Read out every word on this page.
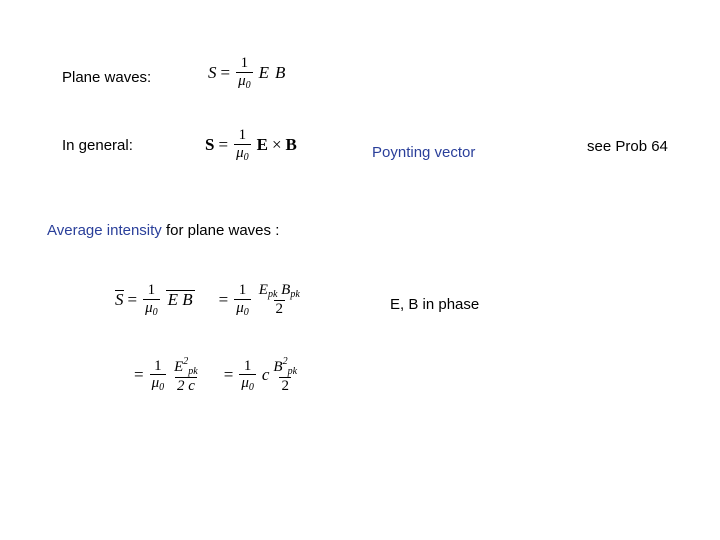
Plane waves:	$S = \frac{1}{\mu_0}$ E B
In general:	$S = \frac{1}{\mu_0}$ E × B	Poynting vector	see Prob 64
Average intensity for plane waves :
$S = \frac{1}{\mu_0}$ E $B = \frac{1}{\mu_0} \frac{E_{pk} B_{pk}}{2}$	E, B in phase
= $\frac{1}{\mu_0} \frac{E^2_{pk}}{2 c} = \frac{1}{\mu_0}$ c $\frac{B^2_{pk}}{2}$
